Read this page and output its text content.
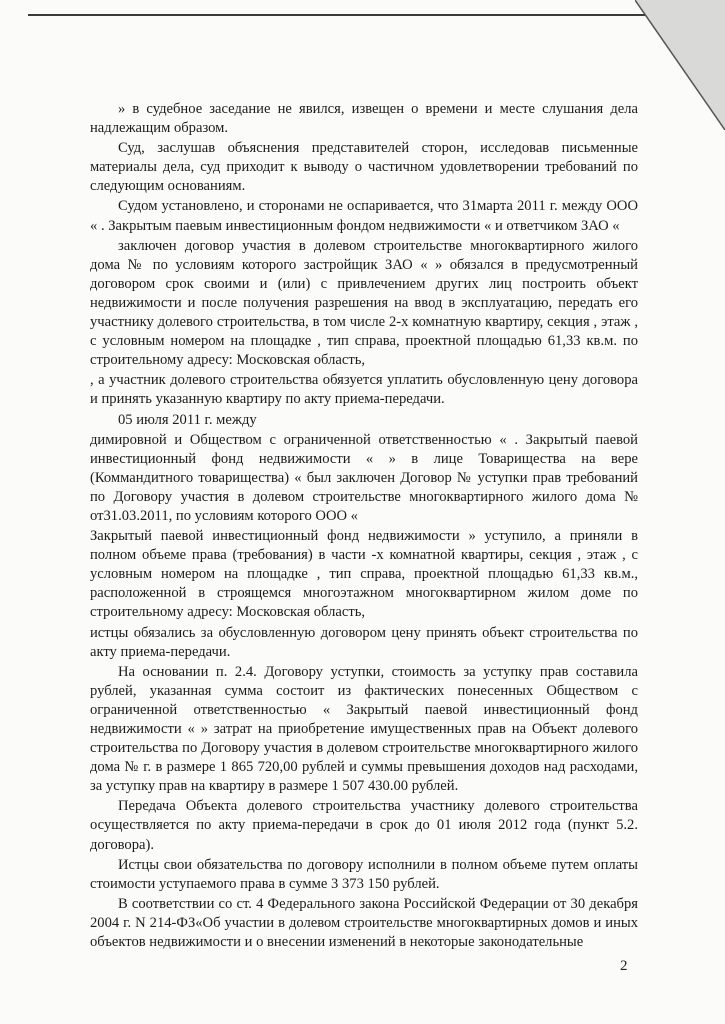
» в судебное заседание не явился, извещен о времени и месте слушания дела надлежащим образом.

Суд, заслушав объяснения представителей сторон, исследовав письменные материалы дела, суд приходит к выводу о частичном удовлетворении требований по следующим основаниям.

Судом установлено, и сторонами не оспаривается, что 31марта 2011 г. между ООО « . Закрытым паевым инвестиционным фондом недвижимости « и ответчиком ЗАО «

заключен договор участия в долевом строительстве многоквартирного жилого дома № по условиям которого застройщик ЗАО « » обязался в предусмотренный договором срок своими и (или) с привлечением других лиц построить объект недвижимости и после получения разрешения на ввод в эксплуатацию, передать его участнику долевого строительства, в том числе 2-х комнатную квартиру, секция , этаж , с условным номером на площадке , тип справа, проектной площадью 61,33 кв.м. по строительному адресу: Московская область,

, а участник долевого строительства обязуется уплатить обусловленную цену договора и принять указанную квартиру по акту приема-передачи.

05 июля 2011 г. между

димировной и Обществом с ограниченной ответственностью « . Закрытый паевой инвестиционный фонд недвижимости « » в лице Товарищества на вере (Коммандитного товарищества) « был заключен Договор № уступки прав требований по Договору участия в долевом строительстве многоквартирного жилого дома № от31.03.2011, по условиям которого ООО «

Закрытый паевой инвестиционный фонд недвижимости » уступило, а приняли в полном объеме права (требования) в части -х комнатной квартиры, секция , этаж , с условным номером на площадке , тип справа, проектной площадью 61,33 кв.м., расположенной в строящемся многоэтажном многоквартирном жилом доме по строительному адресу: Московская область,

истцы обязались за обусловленную договором цену принять объект строительства по акту приема-передачи.

На основании п. 2.4. Договору уступки, стоимость за уступку прав составила рублей, указанная сумма состоит из фактических понесенных Обществом с ограниченной ответственностью « Закрытый паевой инвестиционный фонд недвижимости « » затрат на приобретение имущественных прав на Объект долевого строительства по Договору участия в долевом строительстве многоквартирного жилого дома № г. в размере 1 865 720,00 рублей и суммы превышения доходов над расходами, за уступку прав на квартиру в размере 1 507 430.00 рублей.

Передача Объекта долевого строительства участнику долевого строительства осуществляется по акту приема-передачи в срок до 01 июля 2012 года (пункт 5.2. договора).

Истцы свои обязательства по договору исполнили в полном объеме путем оплаты стоимости уступаемого права в сумме 3 373 150 рублей.

В соответствии со ст. 4 Федерального закона Российской Федерации от 30 декабря 2004 г. N 214-ФЗ«Об участии в долевом строительстве многоквартирных домов и иных объектов недвижимости и о внесении изменений в некоторые законодательные

2
